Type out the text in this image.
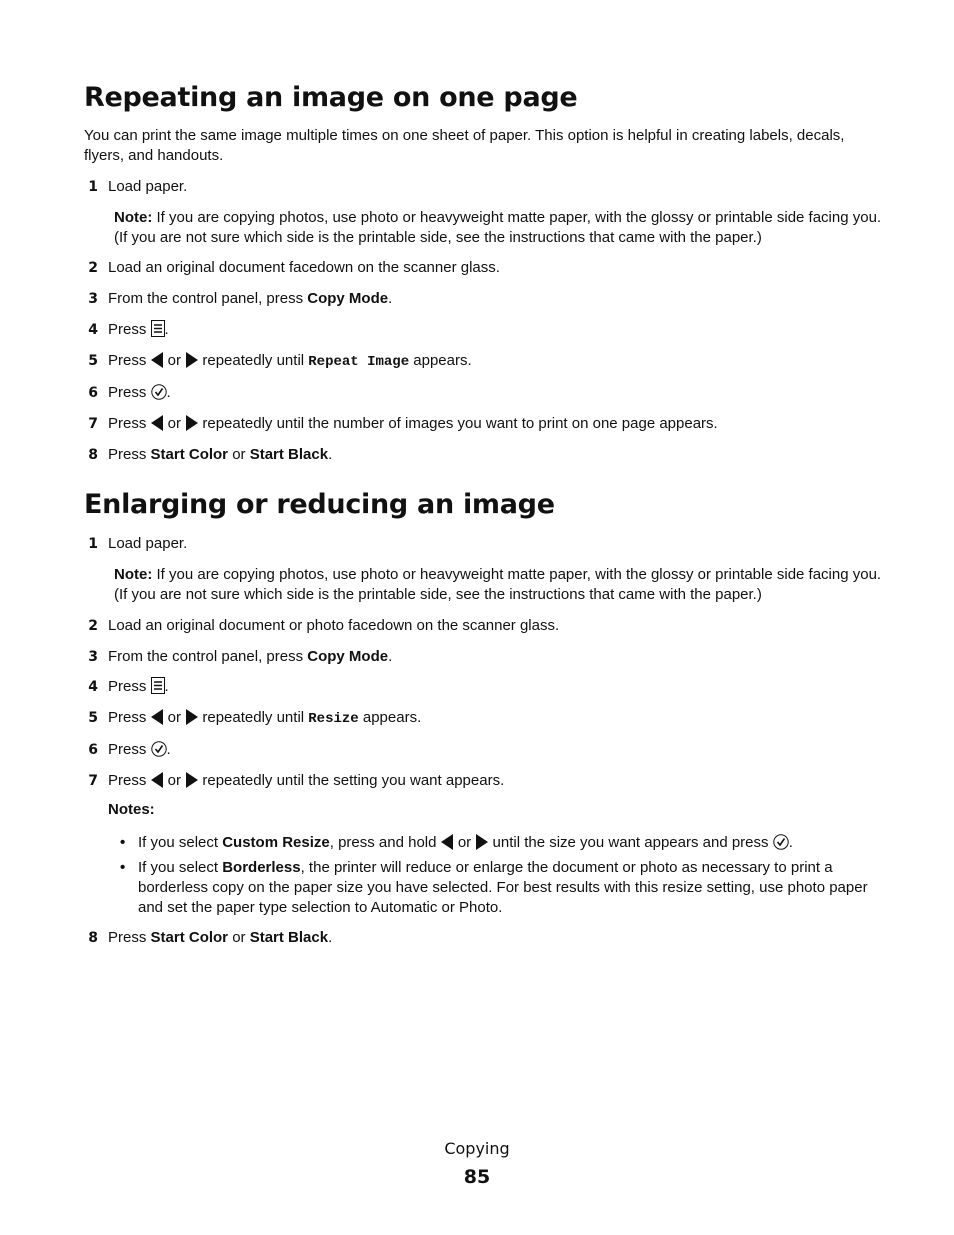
Repeating an image on one page

You can print the same image multiple times on one sheet of paper. This option is helpful in creating labels, decals, flyers, and handouts.

1 Load paper.

Note: If you are copying photos, use photo or heavyweight matte paper, with the glossy or printable side facing you. (If you are not sure which side is the printable side, see the instructions that came with the paper.)

2 Load an original document facedown on the scanner glass.
3 From the control panel, press Copy Mode.
4 Press .
5 Press  or  repeatedly until Repeat Image appears.
6 Press .
7 Press  or  repeatedly until the number of images you want to print on one page appears.
8 Press Start Color or Start Black.
Enlarging or reducing an image
1 Load paper.

Note: If you are copying photos, use photo or heavyweight matte paper, with the glossy or printable side facing you. (If you are not sure which side is the printable side, see the instructions that came with the paper.)

2 Load an original document or photo facedown on the scanner glass.
3 From the control panel, press Copy Mode.
4 Press .
5 Press  or  repeatedly until Resize appears.
6 Press .
7 Press  or  repeatedly until the setting you want appears.

Notes:

• If you select Custom Resize, press and hold  or  until the size you want appears and press .
• If you select Borderless, the printer will reduce or enlarge the document or photo as necessary to print a borderless copy on the paper size you have selected. For best results with this resize setting, use photo paper and set the paper type selection to Automatic or Photo.
8 Press Start Color or Start Black.
Copying
85
